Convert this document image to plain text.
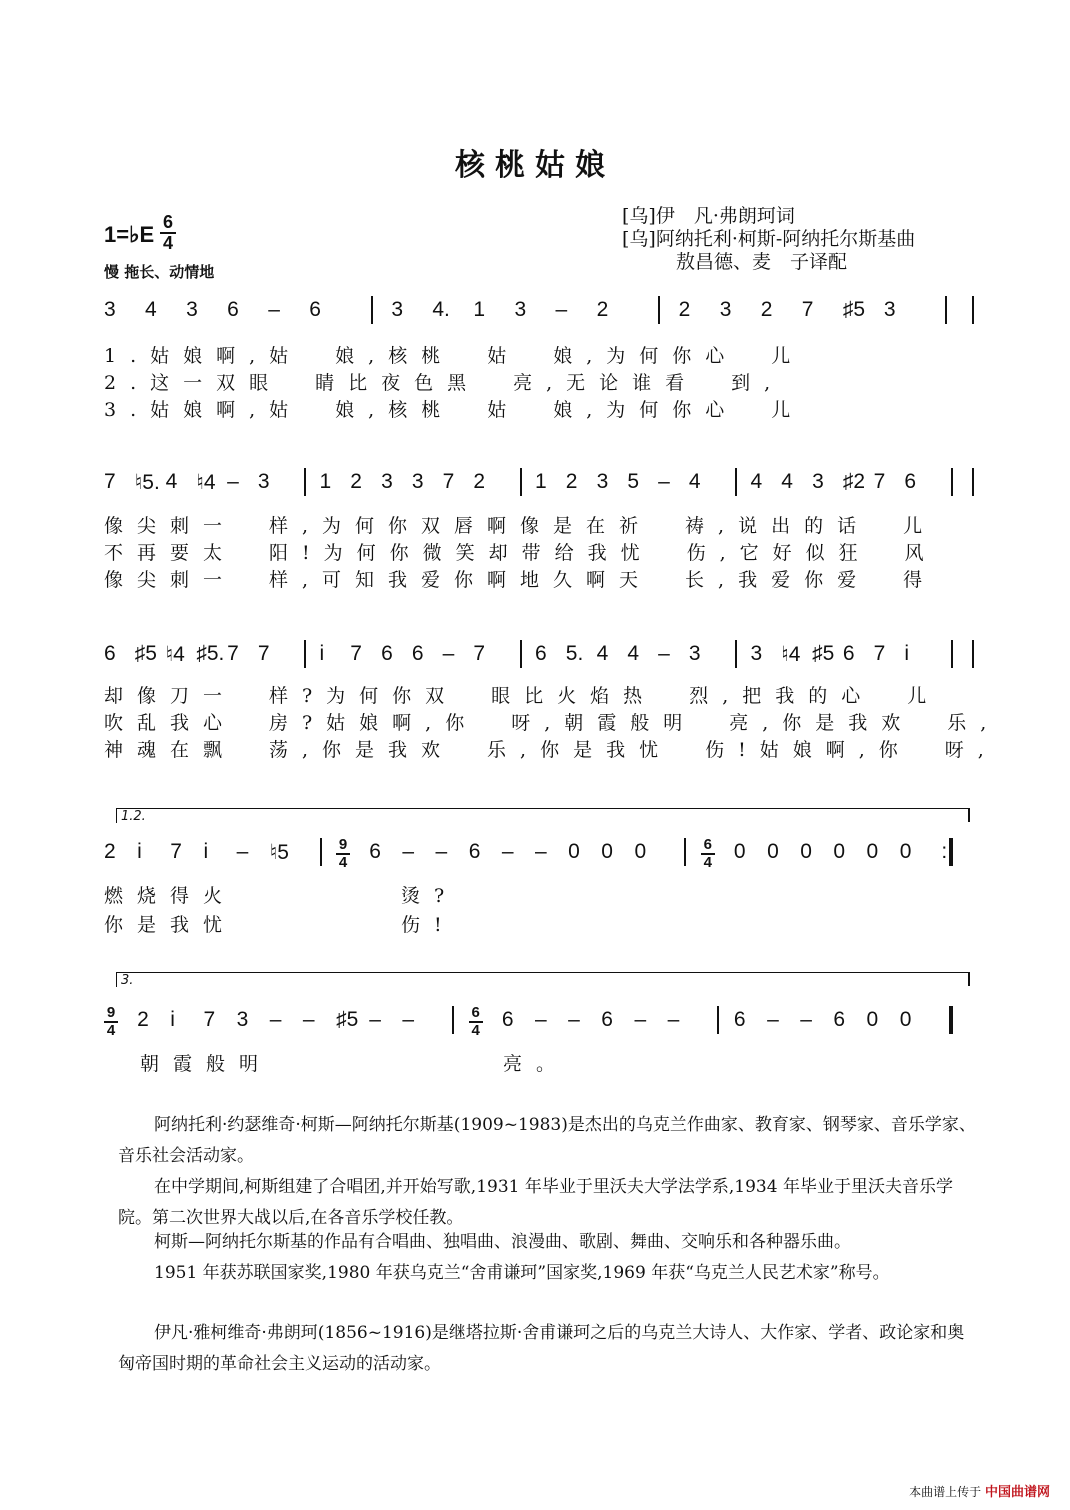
核桃姑娘
[乌]伊　凡·弗朗珂词
[乌]阿纳托利·柯斯-阿纳托尔斯基曲
敖昌德、麦　子译配
1=♭E 6
4
慢 拖长、动情地
3 4 3 6 – 6	3 4. 1 3 – 2	2 3 2 7 ♯5 3
1.姑娘啊,姑　娘,核桃　姑　娘,为何你心　儿
2.这一双眼　睛比夜色黑　亮,无论谁看　到,
3.姑娘啊,姑　娘,核桃　姑　娘,为何你心　儿
7 ♮5. 4 ♮4 – 3 1 2 3 3 7 2 1 2 3 5 – 4 4 4 3 ♯2 7 6
像尖刺一　样,为何你双唇啊像是在祈　祷,说出的话　儿
不再要太　阳!为何你微笑却带给我忧　伤,它好似狂　风
像尖刺一　样,可知我爱你啊地久啊天　长,我爱你爱　得
6 ♯5 ♮4 ♯5. 7 7 i 7 6 6 – 7 6 5. 4 4 – 3 3 ♮4 ♯5 6 7 i
却像刀一　样?为何你双　眼比火焰热　烈,把我的心　儿
吹乱我心　房?姑娘啊,你　呀,朝霞般明　亮,你是我欢　乐,
神魂在飘　荡,你是我欢　乐,你是我忧　伤!姑娘啊,你　呀,
1.2.
2 i 7 i – ♮5	9
4 6 – – 6 – – 0 0 0	6
4 0 0 0 0 0 0 :
燃烧得火　　　　　烫?
你是我忧　　　　　伤!
3.
9
4 2 i 7 3 – – ♯5 – –	6
4 6 – – 6 – –	6 – – 6 0 0
朝霞般明　　　　　　　亮。
阿纳托利·约瑟维奇·柯斯—阿纳托尔斯基(1909~1983)是杰出的乌克兰作曲家、教育家、钢琴家、音乐学家、音乐社会活动家。
在中学期间,柯斯组建了合唱团,并开始写歌,1931 年毕业于里沃夫大学法学系,1934 年毕业于里沃夫音乐学院。第二次世界大战以后,在各音乐学校任教。
柯斯—阿纳托尔斯基的作品有合唱曲、独唱曲、浪漫曲、歌剧、舞曲、交响乐和各种器乐曲。
1951 年获苏联国家奖,1980 年获乌克兰“舍甫谦珂”国家奖,1969 年获“乌克兰人民艺术家”称号。
伊凡·雅柯维奇·弗朗珂(1856~1916)是继塔拉斯·舍甫谦珂之后的乌克兰大诗人、大作家、学者、政论家和奥匈帝国时期的革命社会主义运动的活动家。
本曲谱上传于 中国曲谱网
